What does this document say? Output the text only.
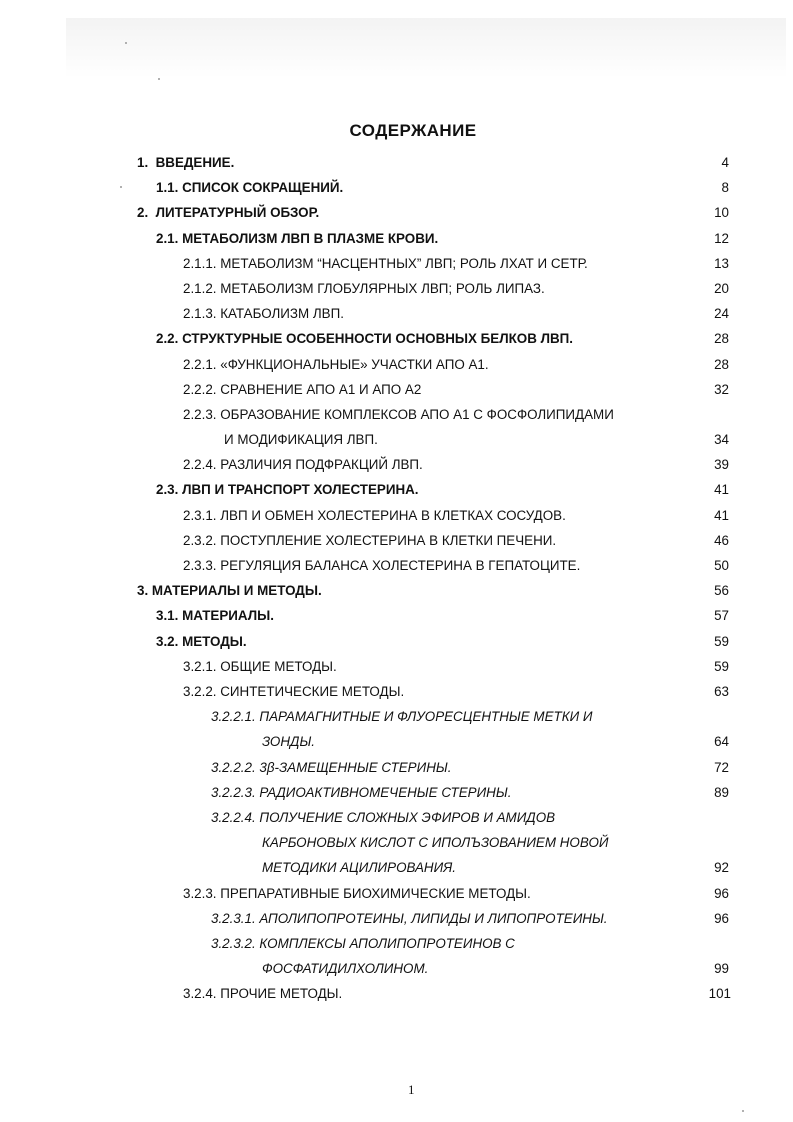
СОДЕРЖАНИЕ
1. ВВЕДЕНИЕ.	4
1.1. СПИСОК СОКРАЩЕНИЙ.	8
2. ЛИТЕРАТУРНЫЙ ОБЗОР.	10
2.1. МЕТАБОЛИЗМ ЛВП В ПЛАЗМЕ КРОВИ.	12
2.1.1. МЕТАБОЛИЗМ “НАСЦЕНТНЫХ” ЛВП; РОЛЬ ЛХАТ И СЕТР.	13
2.1.2. МЕТАБОЛИЗМ ГЛОБУЛЯРНЫХ ЛВП; РОЛЬ ЛИПАЗ.	20
2.1.3. КАТАБОЛИЗМ ЛВП.	24
2.2. СТРУКТУРНЫЕ ОСОБЕННОСТИ ОСНОВНЫХ БЕЛКОВ ЛВП.	28
2.2.1. «ФУНКЦИОНАЛЬНЫЕ» УЧАСТКИ АПО А1.	28
2.2.2. СРАВНЕНИЕ АПО А1 И АПО А2	32
2.2.3. ОБРАЗОВАНИЕ КОМПЛЕКСОВ АПО А1 С ФОСФОЛИПИДАМИ
И МОДИФИКАЦИЯ ЛВП.	34
2.2.4. РАЗЛИЧИЯ ПОДФРАКЦИЙ ЛВП.	39
2.3. ЛВП И ТРАНСПОРТ ХОЛЕСТЕРИНА.	41
2.3.1. ЛВП И ОБМЕН ХОЛЕСТЕРИНА В КЛЕТКАХ СОСУДОВ.	41
2.3.2. ПОСТУПЛЕНИЕ ХОЛЕСТЕРИНА В КЛЕТКИ ПЕЧЕНИ.	46
2.3.3. РЕГУЛЯЦИЯ БАЛАНСА ХОЛЕСТЕРИНА В ГЕПАТОЦИТЕ.	50
3. МАТЕРИАЛЫ И МЕТОДЫ.	56
3.1. МАТЕРИАЛЫ.	57
3.2. МЕТОДЫ.	59
3.2.1. ОБЩИЕ МЕТОДЫ.	59
3.2.2. СИНТЕТИЧЕСКИЕ МЕТОДЫ.	63
3.2.2.1. ПАРАМАГНИТНЫЕ И ФЛУОРЕСЦЕНТНЫЕ МЕТКИ И
ЗОНДЫ.	64
3.2.2.2. 3β-ЗАМЕЩЕННЫЕ СТЕРИНЫ.	72
3.2.2.3. РАДИОАКТИВНОМЕЧЕНЫЕ СТЕРИНЫ.	89
3.2.2.4. ПОЛУЧЕНИЕ СЛОЖНЫХ ЭФИРОВ И АМИДОВ
КАРБОНОВЫХ КИСЛОТ С ИПОЛЪЗОВАНИЕМ НОВОЙ
МЕТОДИКИ АЦИЛИРОВАНИЯ.	92
3.2.3. ПРЕПАРАТИВНЫЕ БИОХИМИЧЕСКИЕ МЕТОДЫ.	96
3.2.3.1. АПОЛИПОПРОТЕИНЫ, ЛИПИДЫ И ЛИПОПРОТЕИНЫ.	96
3.2.3.2. КОМПЛЕКСЫ АПОЛИПОПРОТЕИНОВ С
ФОСФАТИДИЛХОЛИНОМ.	99
3.2.4. ПРОЧИЕ МЕТОДЫ.	101
1
